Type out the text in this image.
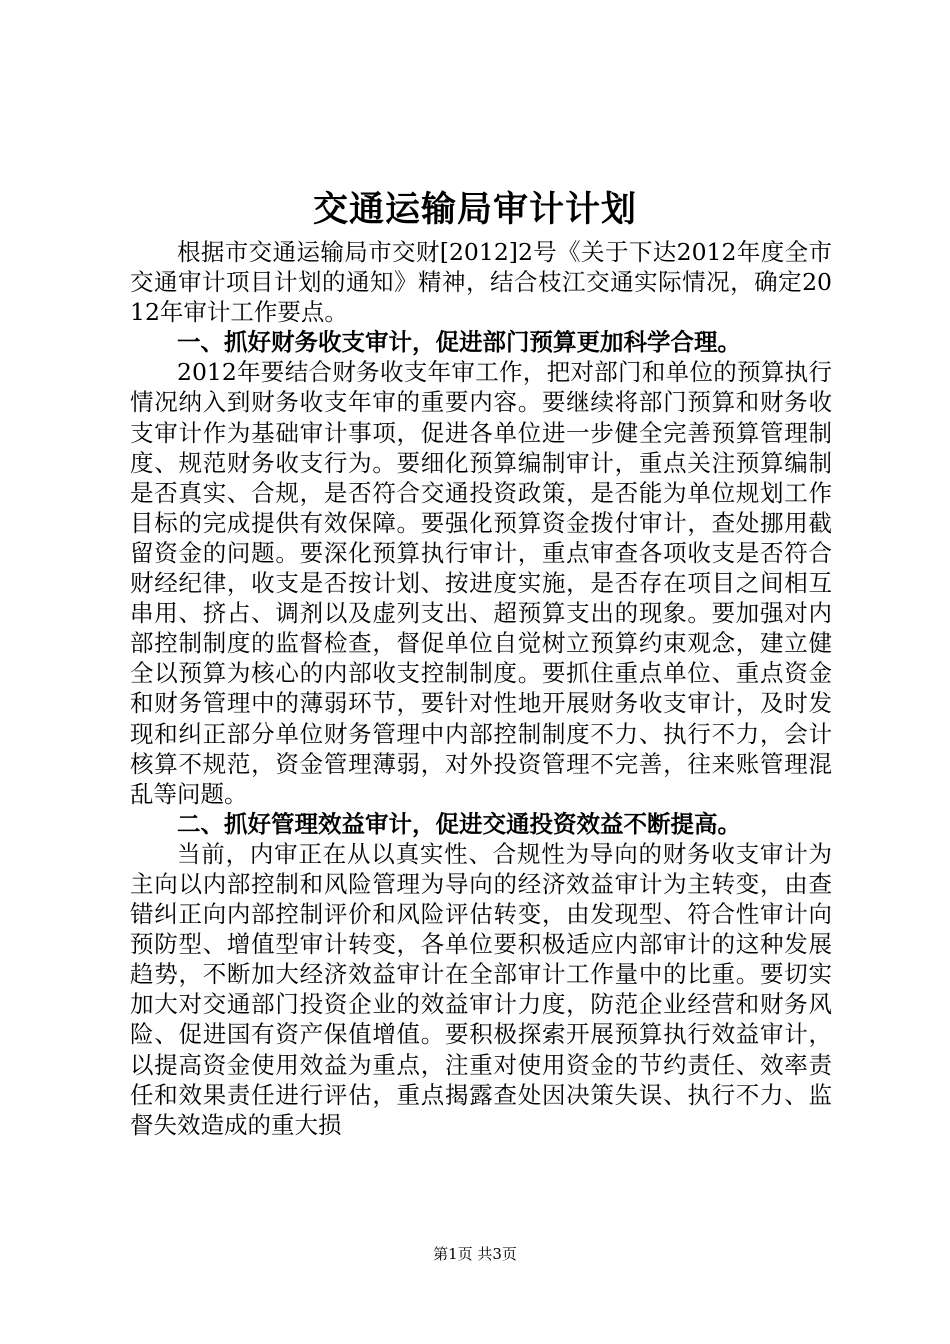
交通运输局审计计划

根据市交通运输局市交财[2012]2号《关于下达2012年度全市交通审计项目计划的通知》精神，结合枝江交通实际情况，确定2012年审计工作要点。

一、抓好财务收支审计，促进部门预算更加科学合理。

2012年要结合财务收支年审工作，把对部门和单位的预算执行情况纳入到财务收支年审的重要内容。要继续将部门预算和财务收支审计作为基础审计事项，促进各单位进一步健全完善预算管理制度、规范财务收支行为。要细化预算编制审计，重点关注预算编制是否真实、合规，是否符合交通投资政策，是否能为单位规划工作目标的完成提供有效保障。要强化预算资金拨付审计，查处挪用截留资金的问题。要深化预算执行审计，重点审查各项收支是否符合财经纪律，收支是否按计划、按进度实施，是否存在项目之间相互串用、挤占、调剂以及虚列支出、超预算支出的现象。要加强对内部控制制度的监督检查，督促单位自觉树立预算约束观念，建立健全以预算为核心的内部收支控制制度。要抓住重点单位、重点资金和财务管理中的薄弱环节，要针对性地开展财务收支审计，及时发现和纠正部分单位财务管理中内部控制制度不力、执行不力，会计核算不规范，资金管理薄弱，对外投资管理不完善，往来账管理混乱等问题。

二、抓好管理效益审计，促进交通投资效益不断提高。

当前，内审正在从以真实性、合规性为导向的财务收支审计为主向以内部控制和风险管理为导向的经济效益审计为主转变，由查错纠正向内部控制评价和风险评估转变，由发现型、符合性审计向预防型、增值型审计转变，各单位要积极适应内部审计的这种发展趋势，不断加大经济效益审计在全部审计工作量中的比重。要切实加大对交通部门投资企业的效益审计力度，防范企业经营和财务风险、促进国有资产保值增值。要积极探索开展预算执行效益审计，以提高资金使用效益为重点，注重对使用资金的节约责任、效率责任和效果责任进行评估，重点揭露查处因决策失误、执行不力、监督失效造成的重大损

第1页 共3页
